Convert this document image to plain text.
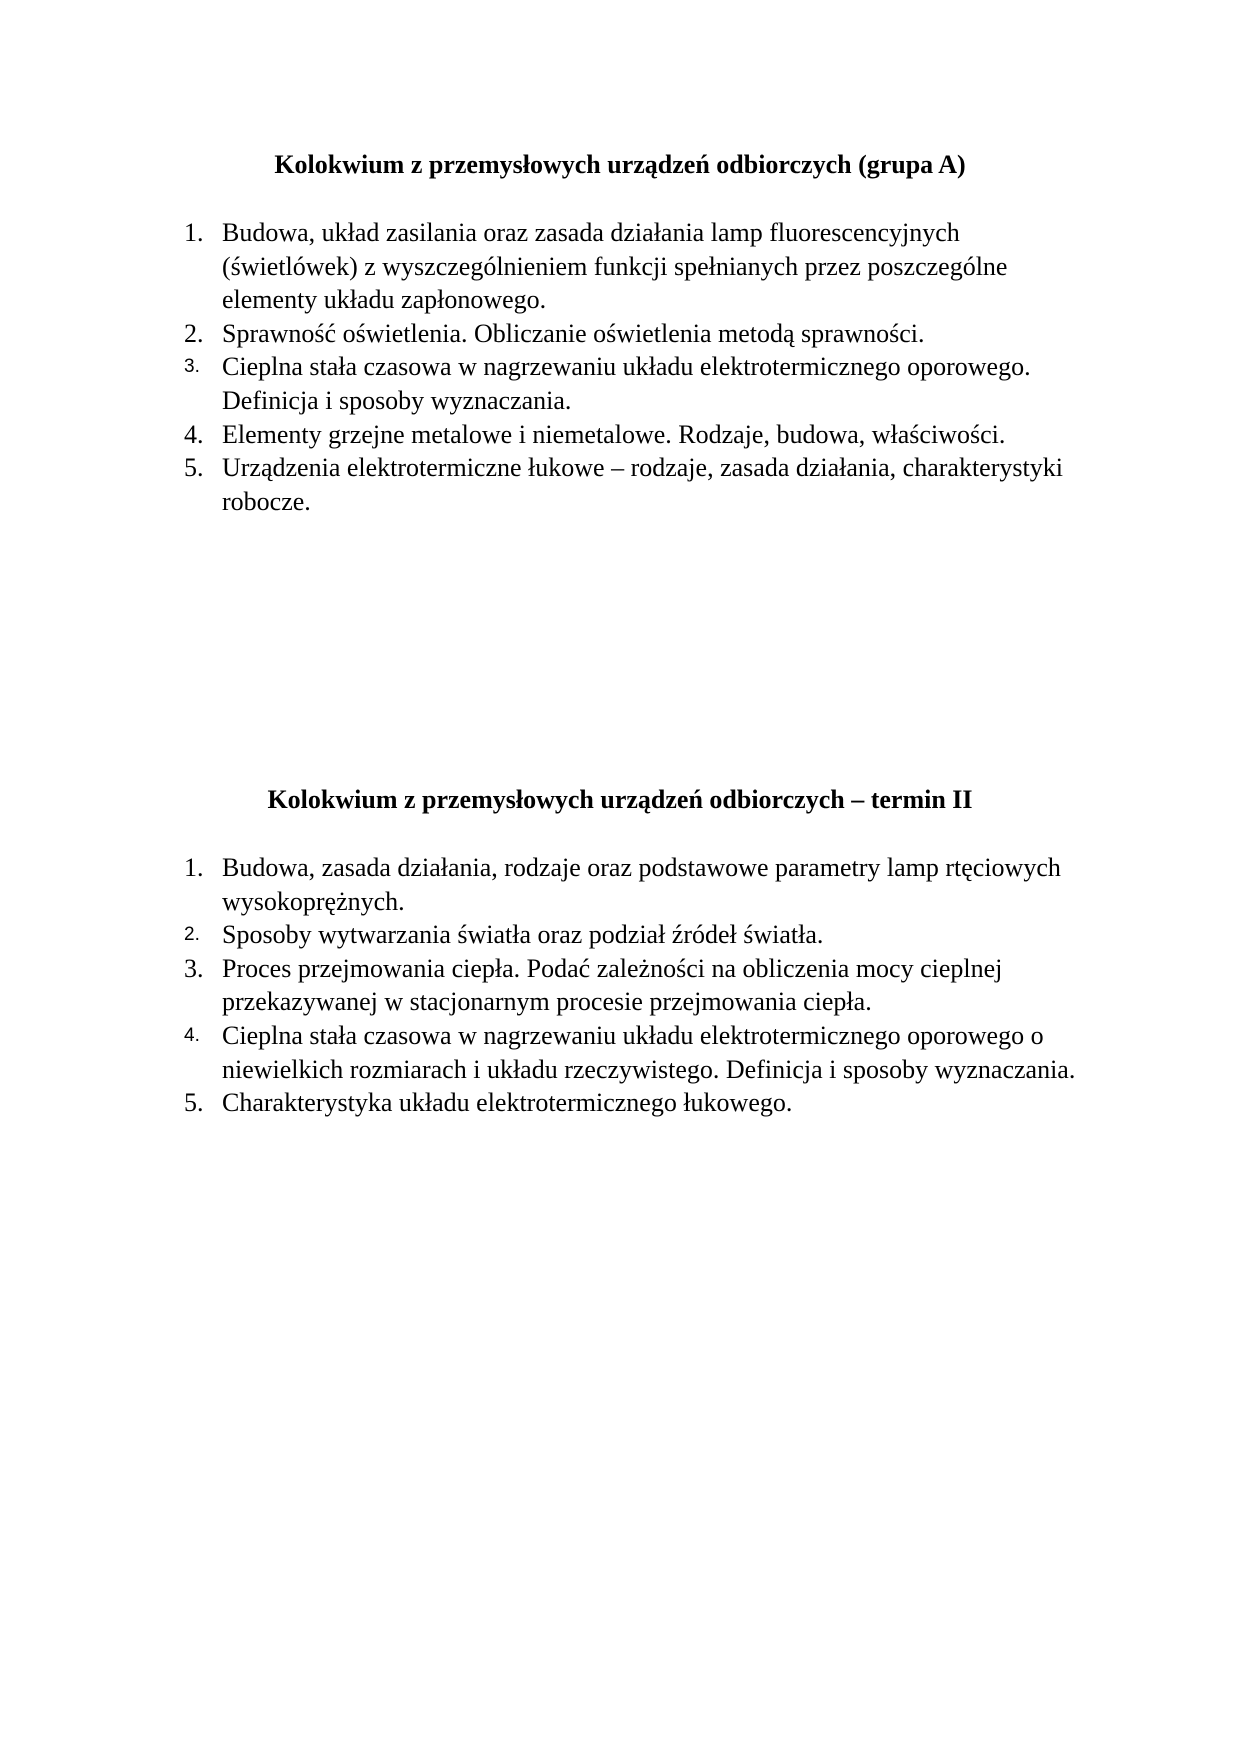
Kolokwium z przemysłowych urządzeń odbiorczych (grupa A)
1. Budowa, układ zasilania oraz zasada działania lamp fluorescencyjnych (świetlówek) z wyszczególnieniem funkcji spełnianych przez poszczególne elementy układu zapłonowego.
2. Sprawność oświetlenia. Obliczanie oświetlenia metodą sprawności.
3. Cieplna stała czasowa w nagrzewaniu układu elektrotermicznego oporowego. Definicja i sposoby wyznaczania.
4. Elementy grzejne metalowe i niemetalowe. Rodzaje, budowa, właściwości.
5. Urządzenia elektrotermiczne łukowe – rodzaje, zasada działania, charakterystyki robocze.
Kolokwium z przemysłowych urządzeń odbiorczych – termin II
1. Budowa, zasada działania, rodzaje oraz podstawowe parametry lamp rtęciowych wysokoprężnych.
2. Sposoby wytwarzania światła oraz podział źródeł światła.
3. Proces przejmowania ciepła. Podać zależności na obliczenia mocy cieplnej przekazywanej w stacjonarnym procesie przejmowania ciepła.
4. Cieplna stała czasowa w nagrzewaniu układu elektrotermicznego oporowego o niewielkich rozmiarach i układu rzeczywistego. Definicja i sposoby wyznaczania.
5. Charakterystyka układu elektrotermicznego łukowego.
